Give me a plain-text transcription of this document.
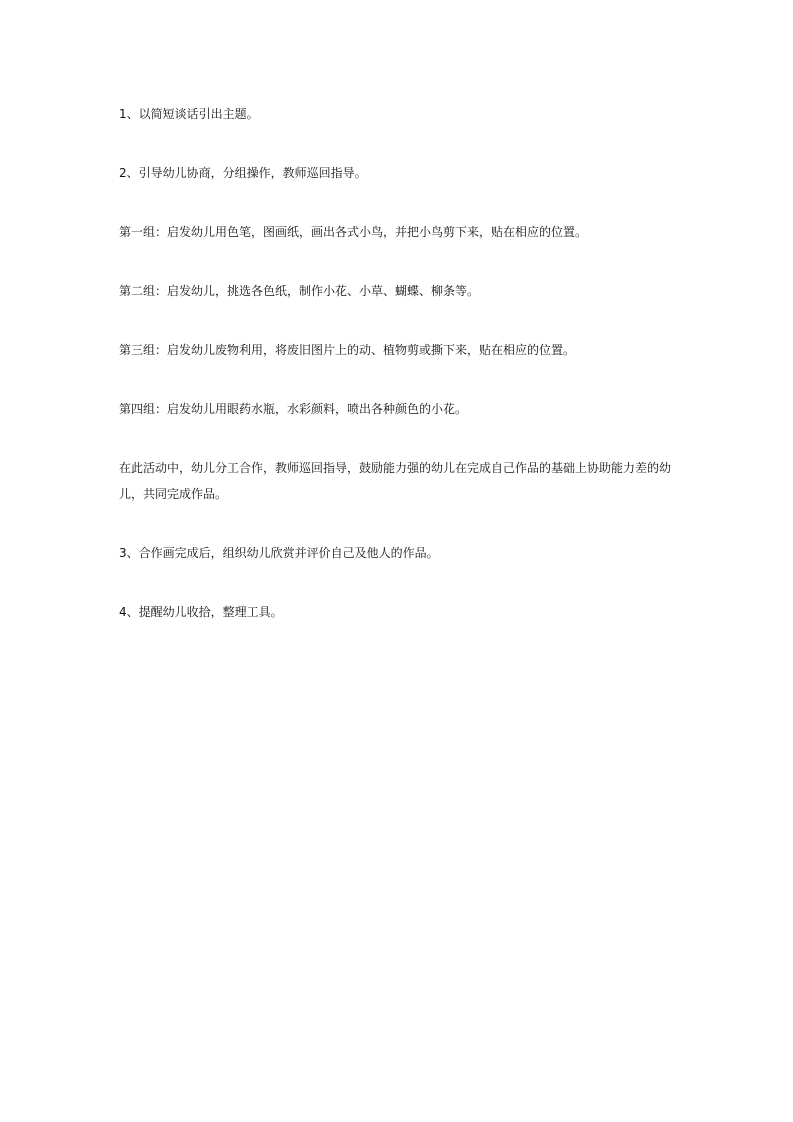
1、以简短谈话引出主题。

2、引导幼儿协商，分组操作，教师巡回指导。

第一组：启发幼儿用色笔，图画纸，画出各式小鸟，并把小鸟剪下来，贴在相应的位置。

第二组：启发幼儿，挑选各色纸，制作小花、小草、蝴蝶、柳条等。

第三组：启发幼儿废物利用，将废旧图片上的动、植物剪或撕下来，贴在相应的位置。

第四组：启发幼儿用眼药水瓶，水彩颜料，喷出各种颜色的小花。

在此活动中，幼儿分工合作，教师巡回指导，鼓励能力强的幼儿在完成自己作品的基础上协助能力差的幼儿，共同完成作品。

3、合作画完成后，组织幼儿欣赏并评价自己及他人的作品。

4、提醒幼儿收拾，整理工具。
